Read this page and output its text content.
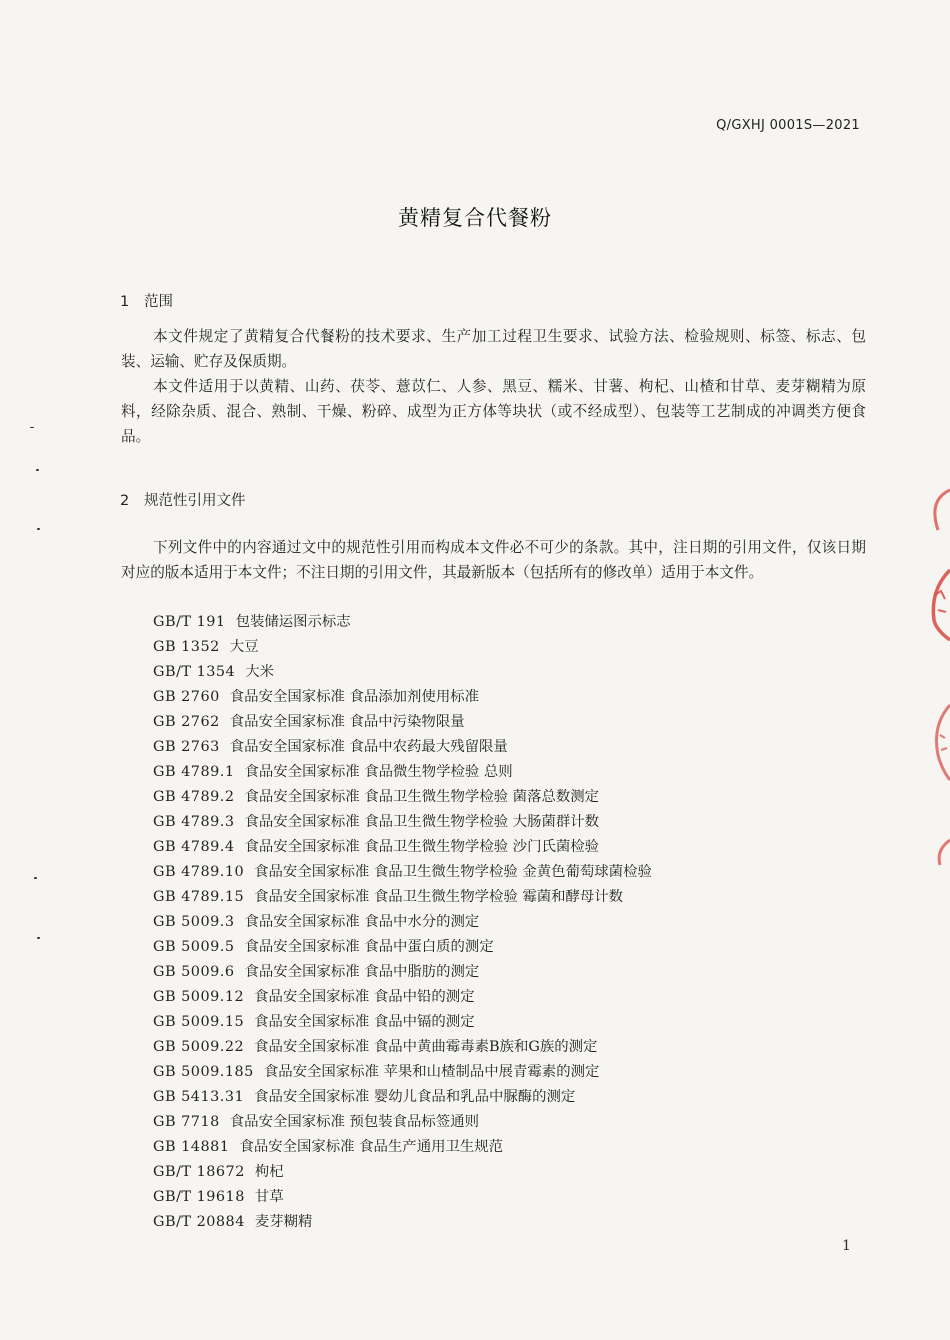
Q/GXHJ 0001S—2021
黄精复合代餐粉
1 范围

本文件规定了黄精复合代餐粉的技术要求、生产加工过程卫生要求、试验方法、检验规则、标签、标志、包装、运输、贮存及保质期。

本文件适用于以黄精、山药、茯苓、薏苡仁、人参、黑豆、糯米、甘薯、枸杞、山楂和甘草、麦芽糊精为原料，经除杂质、混合、熟制、干燥、粉碎、成型为正方体等块状（或不经成型）、包装等工艺制成的冲调类方便食品。

2 规范性引用文件

下列文件中的内容通过文中的规范性引用而构成本文件必不可少的条款。其中，注日期的引用文件，仅该日期对应的版本适用于本文件；不注日期的引用文件，其最新版本（包括所有的修改单）适用于本文件。

GB/T 191 包装储运图示标志
GB 1352 大豆
GB/T 1354 大米
GB 2760 食品安全国家标准 食品添加剂使用标准
GB 2762 食品安全国家标准 食品中污染物限量
GB 2763 食品安全国家标准 食品中农药最大残留限量
GB 4789.1 食品安全国家标准 食品微生物学检验 总则
GB 4789.2 食品安全国家标准 食品卫生微生物学检验 菌落总数测定
GB 4789.3 食品安全国家标准 食品卫生微生物学检验 大肠菌群计数
GB 4789.4 食品安全国家标准 食品卫生微生物学检验 沙门氏菌检验
GB 4789.10 食品安全国家标准 食品卫生微生物学检验 金黄色葡萄球菌检验
GB 4789.15 食品安全国家标准 食品卫生微生物学检验 霉菌和酵母计数
GB 5009.3 食品安全国家标准 食品中水分的测定
GB 5009.5 食品安全国家标准 食品中蛋白质的测定
GB 5009.6 食品安全国家标准 食品中脂肪的测定
GB 5009.12 食品安全国家标准 食品中铅的测定
GB 5009.15 食品安全国家标准 食品中镉的测定
GB 5009.22 食品安全国家标准 食品中黄曲霉毒素B族和G族的测定
GB 5009.185 食品安全国家标准 苹果和山楂制品中展青霉素的测定
GB 5413.31 食品安全国家标准 婴幼儿食品和乳品中脲酶的测定
GB 7718 食品安全国家标准 预包装食品标签通则
GB 14881 食品安全国家标准 食品生产通用卫生规范
GB/T 18672 枸杞
GB/T 19618 甘草
GB/T 20884 麦芽糊精
1
